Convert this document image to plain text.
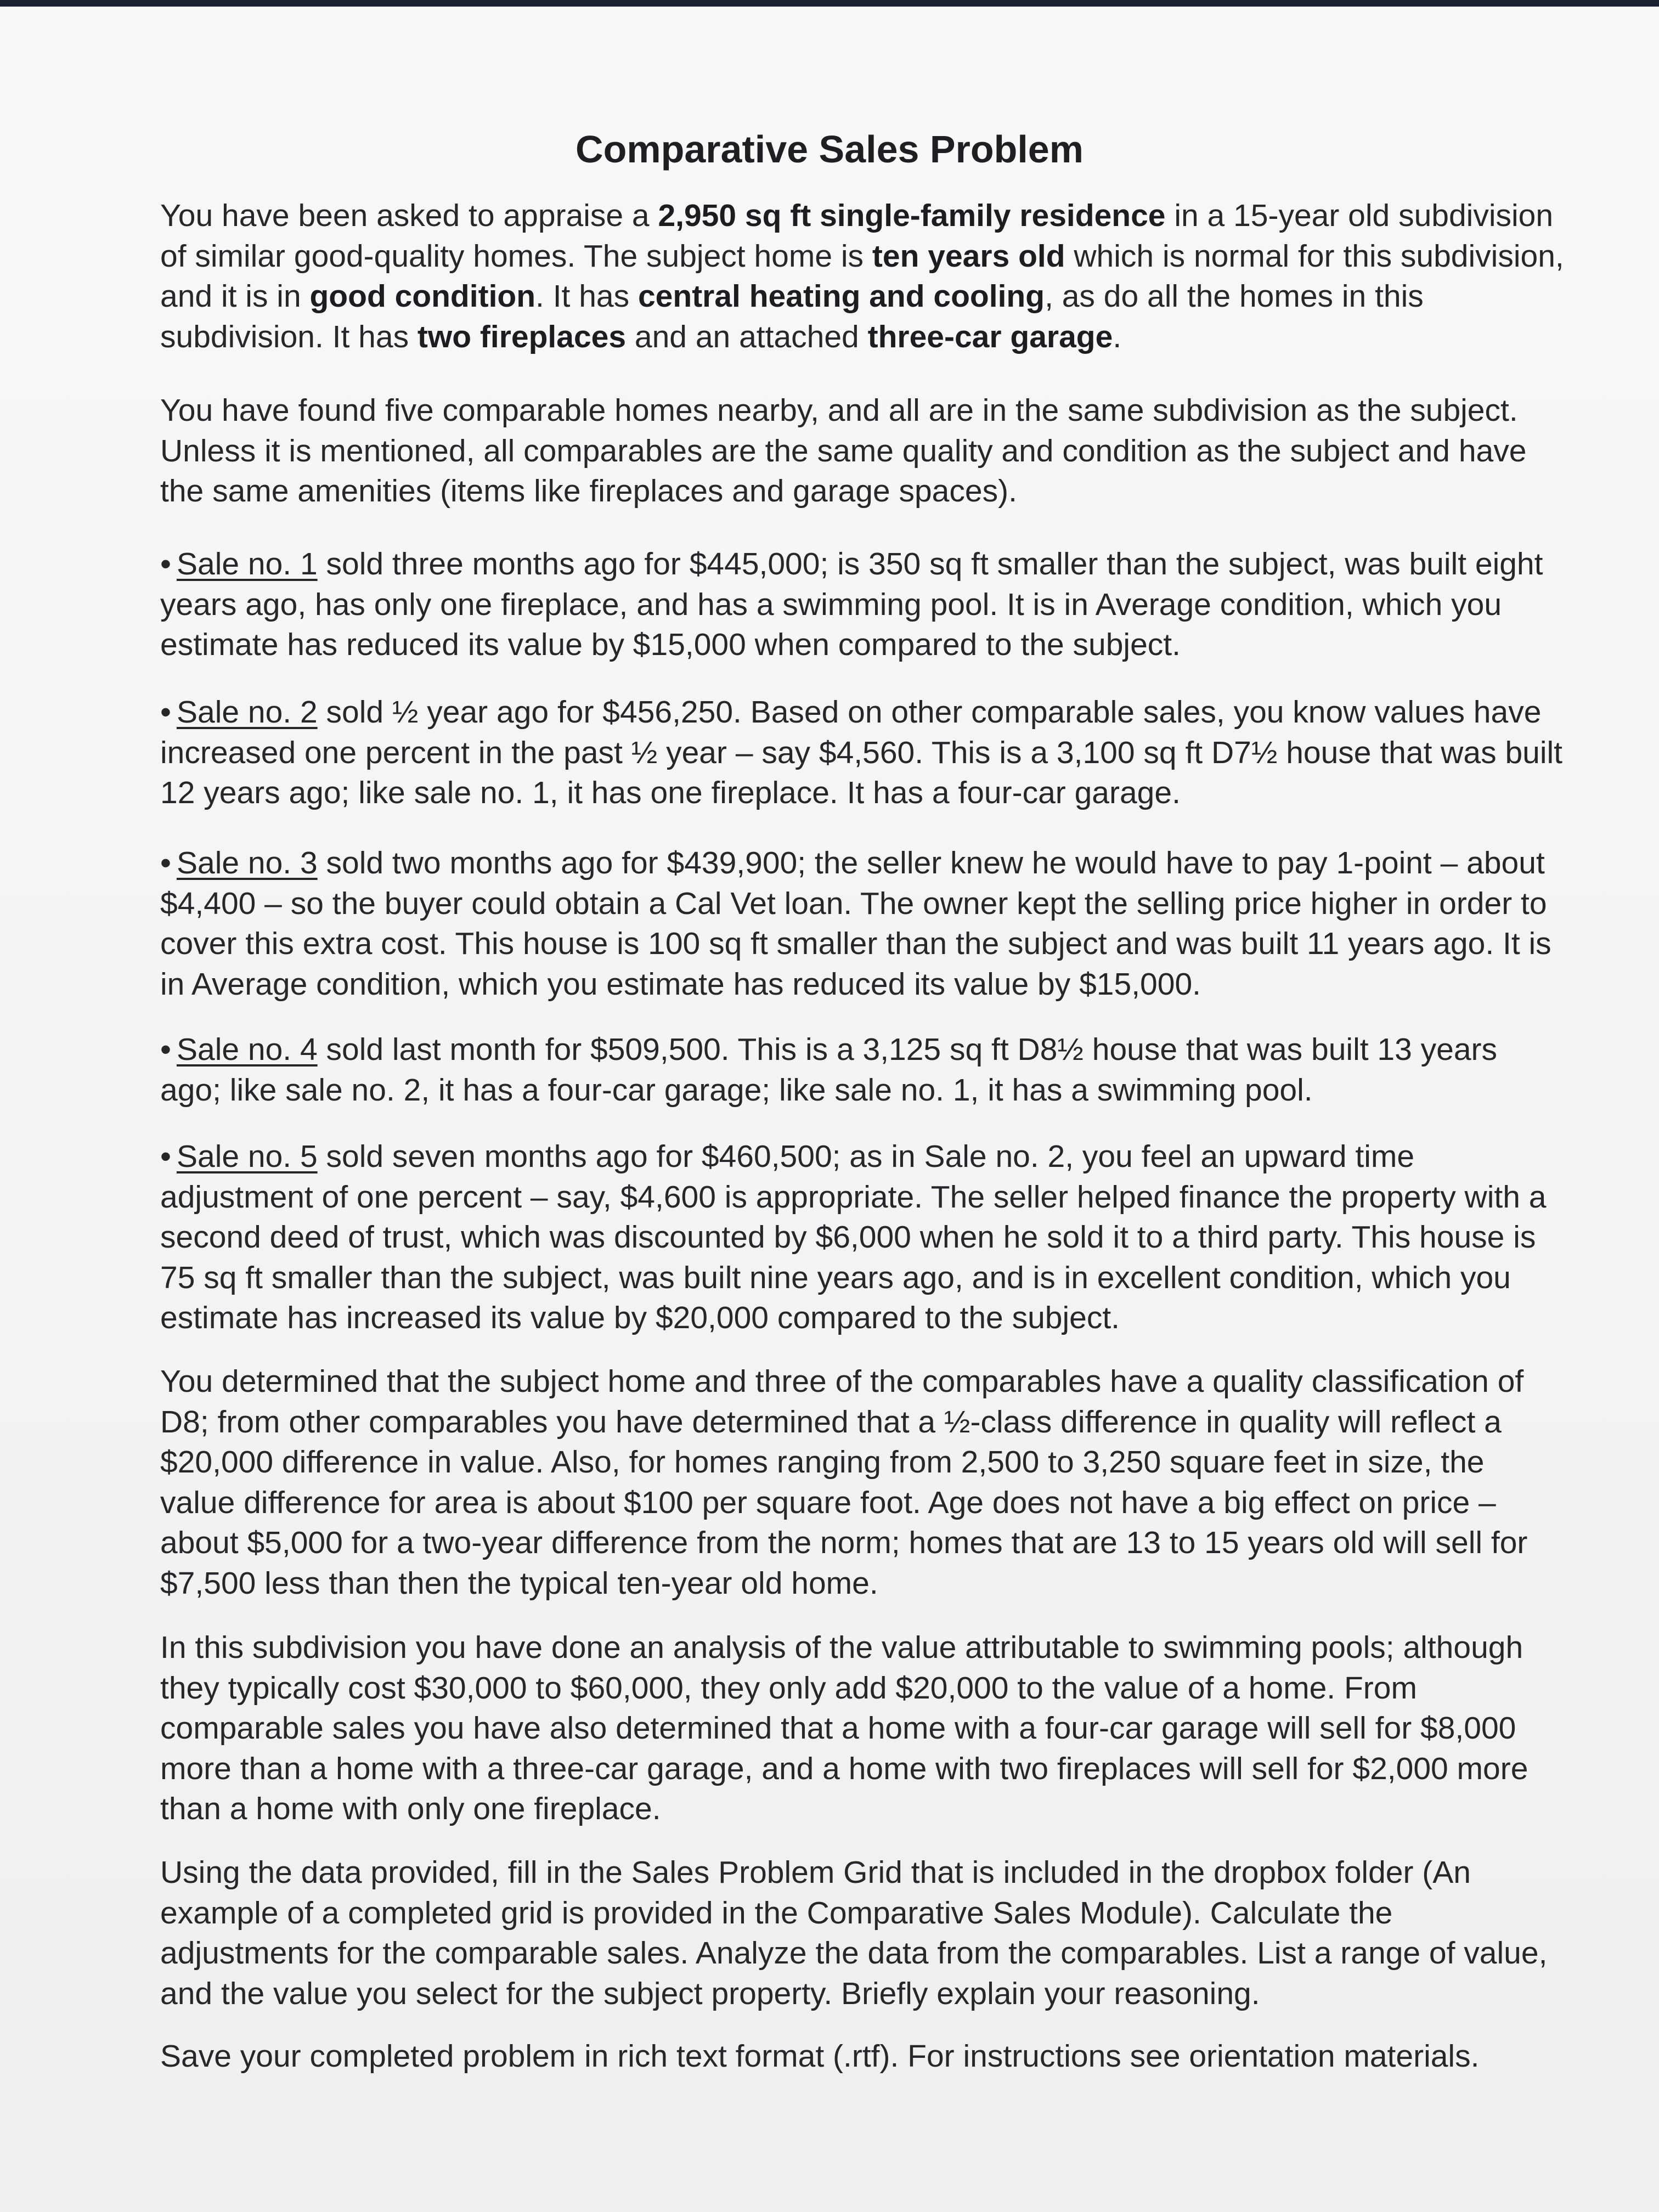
Comparative Sales Problem

You have been asked to appraise a 2,950 sq ft single-family residence in a 15-year old subdivision of similar good-quality homes. The subject home is ten years old which is normal for this subdivision, and it is in good condition. It has central heating and cooling, as do all the homes in this subdivision. It has two fireplaces and an attached three-car garage.

You have found five comparable homes nearby, and all are in the same subdivision as the subject. Unless it is mentioned, all comparables are the same quality and condition as the subject and have the same amenities (items like fireplaces and garage spaces).

• Sale no. 1 sold three months ago for $445,000; is 350 sq ft smaller than the subject, was built eight years ago, has only one fireplace, and has a swimming pool. It is in Average condition, which you estimate has reduced its value by $15,000 when compared to the subject.

• Sale no. 2 sold ½ year ago for $456,250. Based on other comparable sales, you know values have increased one percent in the past ½ year – say $4,560. This is a 3,100 sq ft D7½ house that was built 12 years ago; like sale no. 1, it has one fireplace. It has a four-car garage.

• Sale no. 3 sold two months ago for $439,900; the seller knew he would have to pay 1-point – about $4,400 – so the buyer could obtain a Cal Vet loan. The owner kept the selling price higher in order to cover this extra cost. This house is 100 sq ft smaller than the subject and was built 11 years ago. It is in Average condition, which you estimate has reduced its value by $15,000.

• Sale no. 4 sold last month for $509,500. This is a 3,125 sq ft D8½ house that was built 13 years ago; like sale no. 2, it has a four-car garage; like sale no. 1, it has a swimming pool.

• Sale no. 5 sold seven months ago for $460,500; as in Sale no. 2, you feel an upward time adjustment of one percent – say, $4,600 is appropriate. The seller helped finance the property with a second deed of trust, which was discounted by $6,000 when he sold it to a third party. This house is 75 sq ft smaller than the subject, was built nine years ago, and is in excellent condition, which you estimate has increased its value by $20,000 compared to the subject.

You determined that the subject home and three of the comparables have a quality classification of D8; from other comparables you have determined that a ½-class difference in quality will reflect a $20,000 difference in value. Also, for homes ranging from 2,500 to 3,250 square feet in size, the value difference for area is about $100 per square foot. Age does not have a big effect on price – about $5,000 for a two-year difference from the norm; homes that are 13 to 15 years old will sell for $7,500 less than then the typical ten-year old home.

In this subdivision you have done an analysis of the value attributable to swimming pools; although they typically cost $30,000 to $60,000, they only add $20,000 to the value of a home. From comparable sales you have also determined that a home with a four-car garage will sell for $8,000 more than a home with a three-car garage, and a home with two fireplaces will sell for $2,000 more than a home with only one fireplace.

Using the data provided, fill in the Sales Problem Grid that is included in the dropbox folder (An example of a completed grid is provided in the Comparative Sales Module). Calculate the adjustments for the comparable sales. Analyze the data from the comparables. List a range of value, and the value you select for the subject property. Briefly explain your reasoning.

Save your completed problem in rich text format (.rtf). For instructions see orientation materials.
